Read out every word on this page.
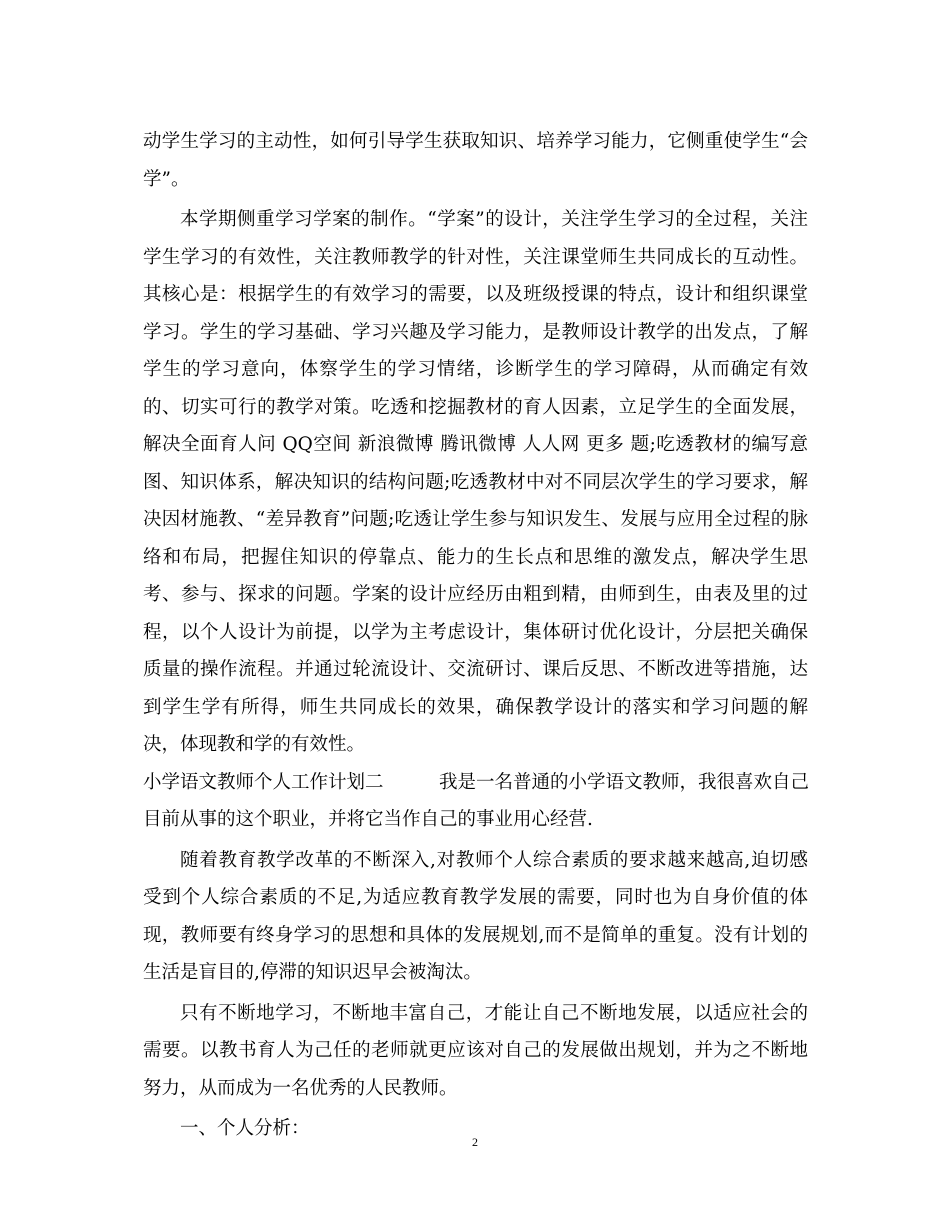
动学生学习的主动性，如何引导学生获取知识、培养学习能力，它侧重使学生“会
学”。
本学期侧重学习学案的制作。“学案”的设计，关注学生学习的全过程，关注
学生学习的有效性，关注教师教学的针对性，关注课堂师生共同成长的互动性。
其核心是：根据学生的有效学习的需要，以及班级授课的特点，设计和组织课堂
学习。学生的学习基础、学习兴趣及学习能力，是教师设计教学的出发点，了解
学生的学习意向，体察学生的学习情绪，诊断学生的学习障碍，从而确定有效
的、切实可行的教学对策。吃透和挖掘教材的育人因素，立足学生的全面发展，
解决全面育人问 QQ空间 新浪微博 腾讯微博 人人网 更多 题;吃透教材的编写意
图、知识体系，解决知识的结构问题;吃透教材中对不同层次学生的学习要求，解
决因材施教、“差异教育”问题;吃透让学生参与知识发生、发展与应用全过程的脉
络和布局，把握住知识的停靠点、能力的生长点和思维的激发点，解决学生思
考、参与、探求的问题。学案的设计应经历由粗到精，由师到生，由表及里的过
程，以个人设计为前提，以学为主考虑设计，集体研讨优化设计，分层把关确保
质量的操作流程。并通过轮流设计、交流研讨、课后反思、不断改进等措施，达
到学生学有所得，师生共同成长的效果，确保教学设计的落实和学习问题的解
决，体现教和学的有效性。
小学语文教师个人工作计划二　　　我是一名普通的小学语文教师，我很喜欢自己
目前从事的这个职业，并将它当作自己的事业用心经营.
随着教育教学改革的不断深入,对教师个人综合素质的要求越来越高,迫切感
受到个人综合素质的不足,为适应教育教学发展的需要，同时也为自身价值的体
现，教师要有终身学习的思想和具体的发展规划,而不是简单的重复。没有计划的
生活是盲目的,停滞的知识迟早会被淘汰。
只有不断地学习，不断地丰富自己，才能让自己不断地发展，以适应社会的
需要。以教书育人为己任的老师就更应该对自己的发展做出规划，并为之不断地
努力，从而成为一名优秀的人民教师。
一、个人分析：
2
